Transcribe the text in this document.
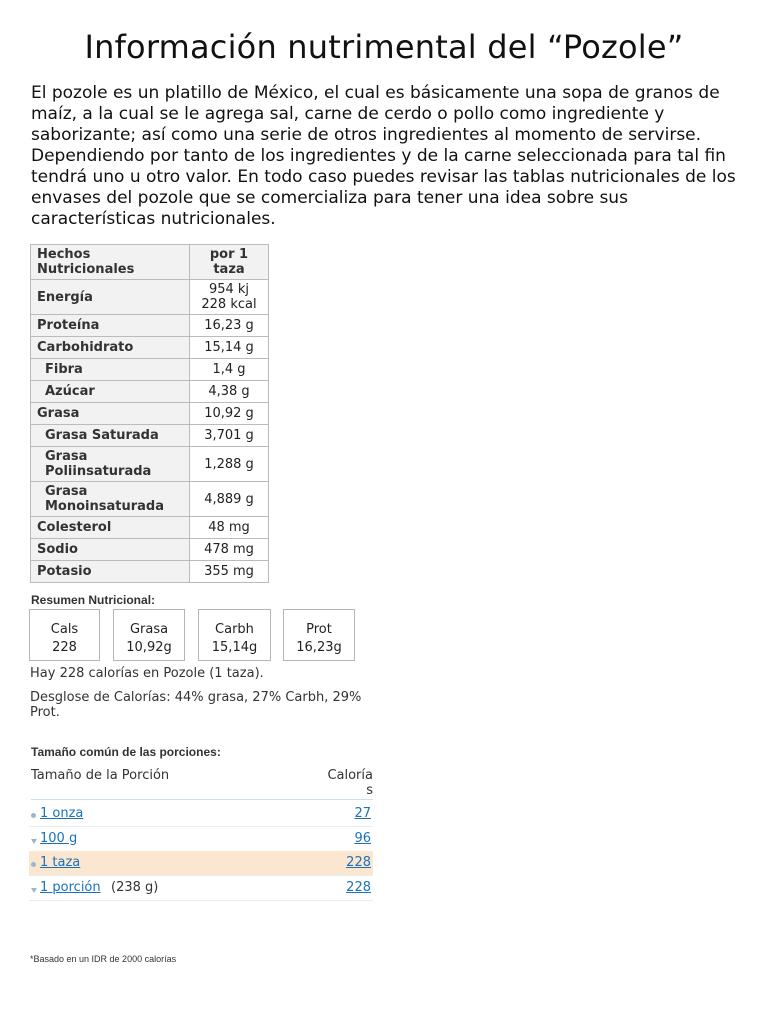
Información nutrimental del “Pozole”

El pozole es un platillo de México, el cual es básicamente una sopa de granos de maíz, a la cual se le agrega sal, carne de cerdo o pollo como ingrediente y saborizante; así como una serie de otros ingredientes al momento de servirse. Dependiendo por tanto de los ingredientes y de la carne seleccionada para tal fin tendrá uno u otro valor. En todo caso puedes revisar las tablas nutricionales de los envases del pozole que se comercializa para tener una idea sobre sus características nutricionales.

Hechos Nutricionales	por 1 taza
Energía	954 kj
228 kcal

Proteína	16,23 g
Carbohidrato	15,14 g
Fibra	1,4 g
Azúcar	4,38 g
Grasa	10,92 g
Grasa Saturada	3,701 g
Grasa Poliinsaturada	1,288 g
Grasa Monoinsaturada	4,889 g
Colesterol	48 mg
Sodio	478 mg
Potasio	355 mg
Resumen Nutricional:
Cals
228
Grasa
10,92g
Carbh
15,14g
Prot
16,23g
Hay 228 calorías en Pozole (1 taza).
Desglose de Calorías: 44% grasa, 27% Carbh, 29% Prot.
Tamaño común de las porciones:
Tamaño de la Porción	Calorías
1 onza	27
100 g	96
1 taza	228
1 porción (238 g)	228
*Basado en un IDR de 2000 calorías
